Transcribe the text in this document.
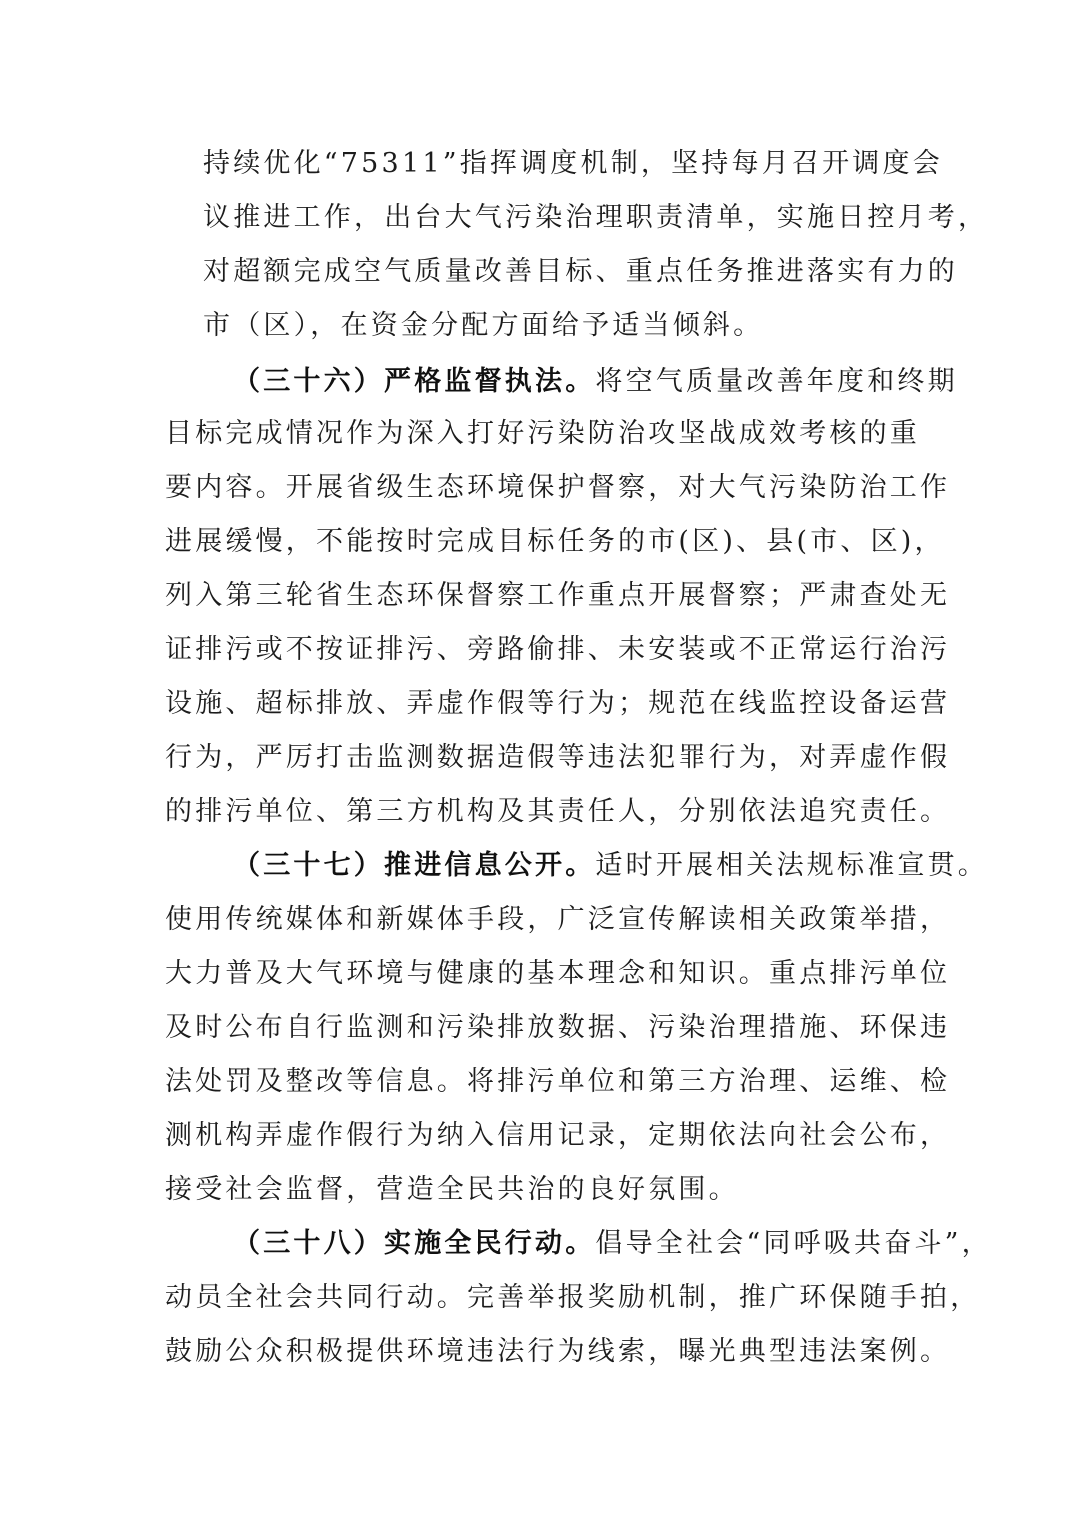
持续优化“75311”指挥调度机制，坚持每月召开调度会
议推进工作，出台大气污染治理职责清单，实施日控月考，
对超额完成空气质量改善目标、重点任务推进落实有力的
市（区），在资金分配方面给予适当倾斜。
（三十六）严格监督执法。将空气质量改善年度和终期
目标完成情况作为深入打好污染防治攻坚战成效考核的重
要内容。开展省级生态环境保护督察，对大气污染防治工作
进展缓慢，不能按时完成目标任务的市(区)、县(市、区)，
列入第三轮省生态环保督察工作重点开展督察；严肃查处无
证排污或不按证排污、旁路偷排、未安装或不正常运行治污
设施、超标排放、弄虚作假等行为；规范在线监控设备运营
行为，严厉打击监测数据造假等违法犯罪行为，对弄虚作假
的排污单位、第三方机构及其责任人，分别依法追究责任。
（三十七）推进信息公开。适时开展相关法规标准宣贯。
使用传统媒体和新媒体手段，广泛宣传解读相关政策举措，
大力普及大气环境与健康的基本理念和知识。重点排污单位
及时公布自行监测和污染排放数据、污染治理措施、环保违
法处罚及整改等信息。将排污单位和第三方治理、运维、检
测机构弄虚作假行为纳入信用记录，定期依法向社会公布，
接受社会监督，营造全民共治的良好氛围。
（三十八）实施全民行动。倡导全社会“同呼吸共奋斗”，
动员全社会共同行动。完善举报奖励机制，推广环保随手拍，
鼓励公众积极提供环境违法行为线索，曝光典型违法案例。
